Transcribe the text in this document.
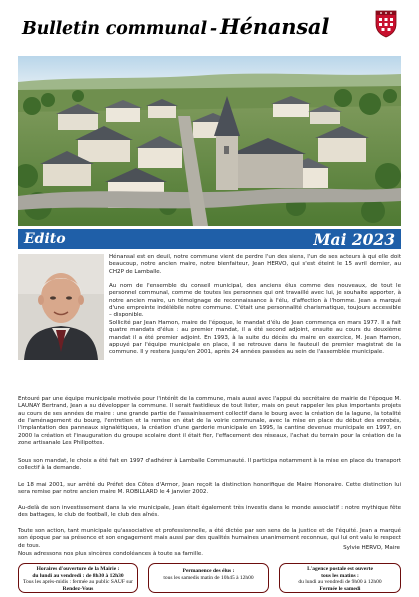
Bulletin communal - Hénansal
Edito	Mai 2023
Hénansal est en deuil, notre commune vient de perdre l'un des siens, l'un de ses acteurs à qui elle doit beaucoup, notre ancien maire, notre bienfaiteur, Jean HERVO, qui s'est éteint le 15 avril dernier, au CH2P de Lamballe.
Au nom de l'ensemble du conseil municipal, des anciens élus comme des nouveaux, de tout le personnel communal, comme de toutes les personnes qui ont travaillé avec lui, je souhaite apporter, à notre ancien maire, un témoignage de reconnaissance à l'élu, d'affection à l'homme. Jean a marqué d'une empreinte indélébile notre commune. C'était une personnalité charismatique, toujours accessible – disponible.
Sollicité par Jean Hamon, maire de l'époque, le mandat d'élu de Jean commença en mars 1977. Il a fait quatre mandats d'élus : au premier mandat, il a été second adjoint, ensuite au cours du deuxième mandat il a été premier adjoint. En 1993, à la suite du décès du maire en exercice, M. Jean Hamon, appuyé par l'équipe municipale en place, il se retrouve dans le fauteuil de premier magistrat de la commune. Il y restera jusqu'en 2001, après 24 années passées au sein de l'assemblée municipale.
Entouré par une équipe municipale motivée pour l'intérêt de la commune, mais aussi avec l'appui du secrétaire de mairie de l'époque M. LAUNAY Bertrand, Jean a su développer la commune. Il serait fastidieux de tout lister, mais on peut rappeler les plus importants projets au cours de ses années de maire : une grande partie de l'assainissement collectif dans le bourg avec la création de la lagune, la totalité de l'aménagement du bourg, l'entretien et la remise en état de la voirie communale, avec la mise en place du début des enrobés, l'implantation des panneaux signalétiques, la création d'une garderie municipale en 1995, la cantine devenue municipale en 1997, en 2000 la création et l'inauguration du groupe scolaire dont il était fier, l'effacement des réseaux, l'achat du terrain pour la création de la zone artisanale Les Philipottes.
Sous son mandat, le choix a été fait en 1997 d'adhérer à Lamballe Communauté. Il participa notamment à la mise en place du transport collectif à la demande.
Le 18 mai 2001, sur arrêté du Préfet des Côtes d'Armor, Jean reçoit la distinction honorifique de Maire Honoraire. Cette distinction lui sera remise par notre ancien maire M. ROBILLARD le 4 janvier 2002.
Au-delà de son investissement dans la vie municipale, Jean était également très investis dans le monde associatif : notre mythique fête des battages, le club de football, le club des aînés.
Toute son action, tant municipale qu'associative et professionnelle, a été dictée par son sens de la justice et de l'équité. Jean a marqué son époque par sa présence et son engagement mais aussi par des qualités humaines unanimement reconnue, qui lui ont valu le respect de tous.
Nous adressons nos plus sincères condoléances à toute sa famille.
Sylvie HERVO, Maire
Horaires d'ouverture de la Mairie :
du lundi au vendredi : de 8h30 à 12h30
Tous les après-midis : fermée au public SAUF sur
Rendez-Vous
Permanence des élus :
tous les samedis matin de 10h45 à 12h00
L'agence postale est ouverte
tous les matins :
du lundi au vendredi de 9h00 à 12h00
Fermée le samedi
